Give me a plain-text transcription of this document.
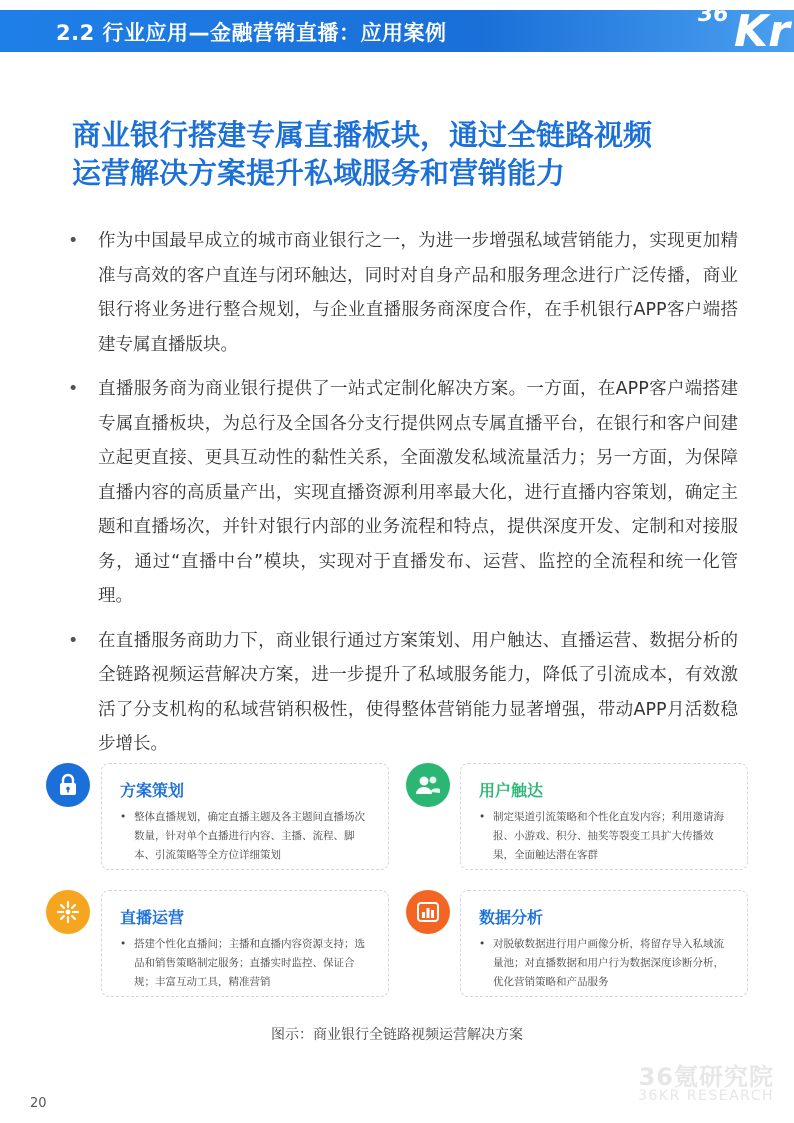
2.2 行业应用—金融营销直播：应用案例
36 Kr
商业银行搭建专属直播板块，通过全链路视频
运营解决方案提升私域服务和营销能力
• 作为中国最早成立的城市商业银行之一，为进一步增强私域营销能力，实现更加精准与高效的客户直连与闭环触达，同时对自身产品和服务理念进行广泛传播，商业银行将业务进行整合规划，与企业直播服务商深度合作，在手机银行APP客户端搭建专属直播版块。
• 直播服务商为商业银行提供了一站式定制化解决方案。一方面，在APP客户端搭建专属直播板块，为总行及全国各分支行提供网点专属直播平台，在银行和客户间建立起更直接、更具互动性的黏性关系，全面激发私域流量活力；另一方面，为保障直播内容的高质量产出，实现直播资源利用率最大化，进行直播内容策划，确定主题和直播场次，并针对银行内部的业务流程和特点，提供深度开发、定制和对接服务，通过“直播中台”模块，实现对于直播发布、运营、监控的全流程和统一化管理。
• 在直播服务商助力下，商业银行通过方案策划、用户触达、直播运营、数据分析的全链路视频运营解决方案，进一步提升了私域服务能力，降低了引流成本，有效激活了分支机构的私域营销积极性，使得整体营销能力显著增强，带动APP月活数稳步增长。
方案策划
• 整体直播规划，确定直播主题及各主题间直播场次数量，针对单个直播进行内容、主播、流程、脚本、引流策略等全方位详细策划
用户触达
• 制定渠道引流策略和个性化直发内容；利用邀请海报、小游戏、积分、抽奖等裂变工具扩大传播效果，全面触达潜在客群
直播运营
• 搭建个性化直播间；主播和直播内容资源支持；选品和销售策略制定服务；直播实时监控、保证合规；丰富互动工具，精准营销
数据分析
• 对脱敏数据进行用户画像分析，将留存导入私域流量池；对直播数据和用户行为数据深度诊断分析，优化营销策略和产品服务
图示：商业银行全链路视频运营解决方案
36氪研究院
36KR RESEARCH
20
